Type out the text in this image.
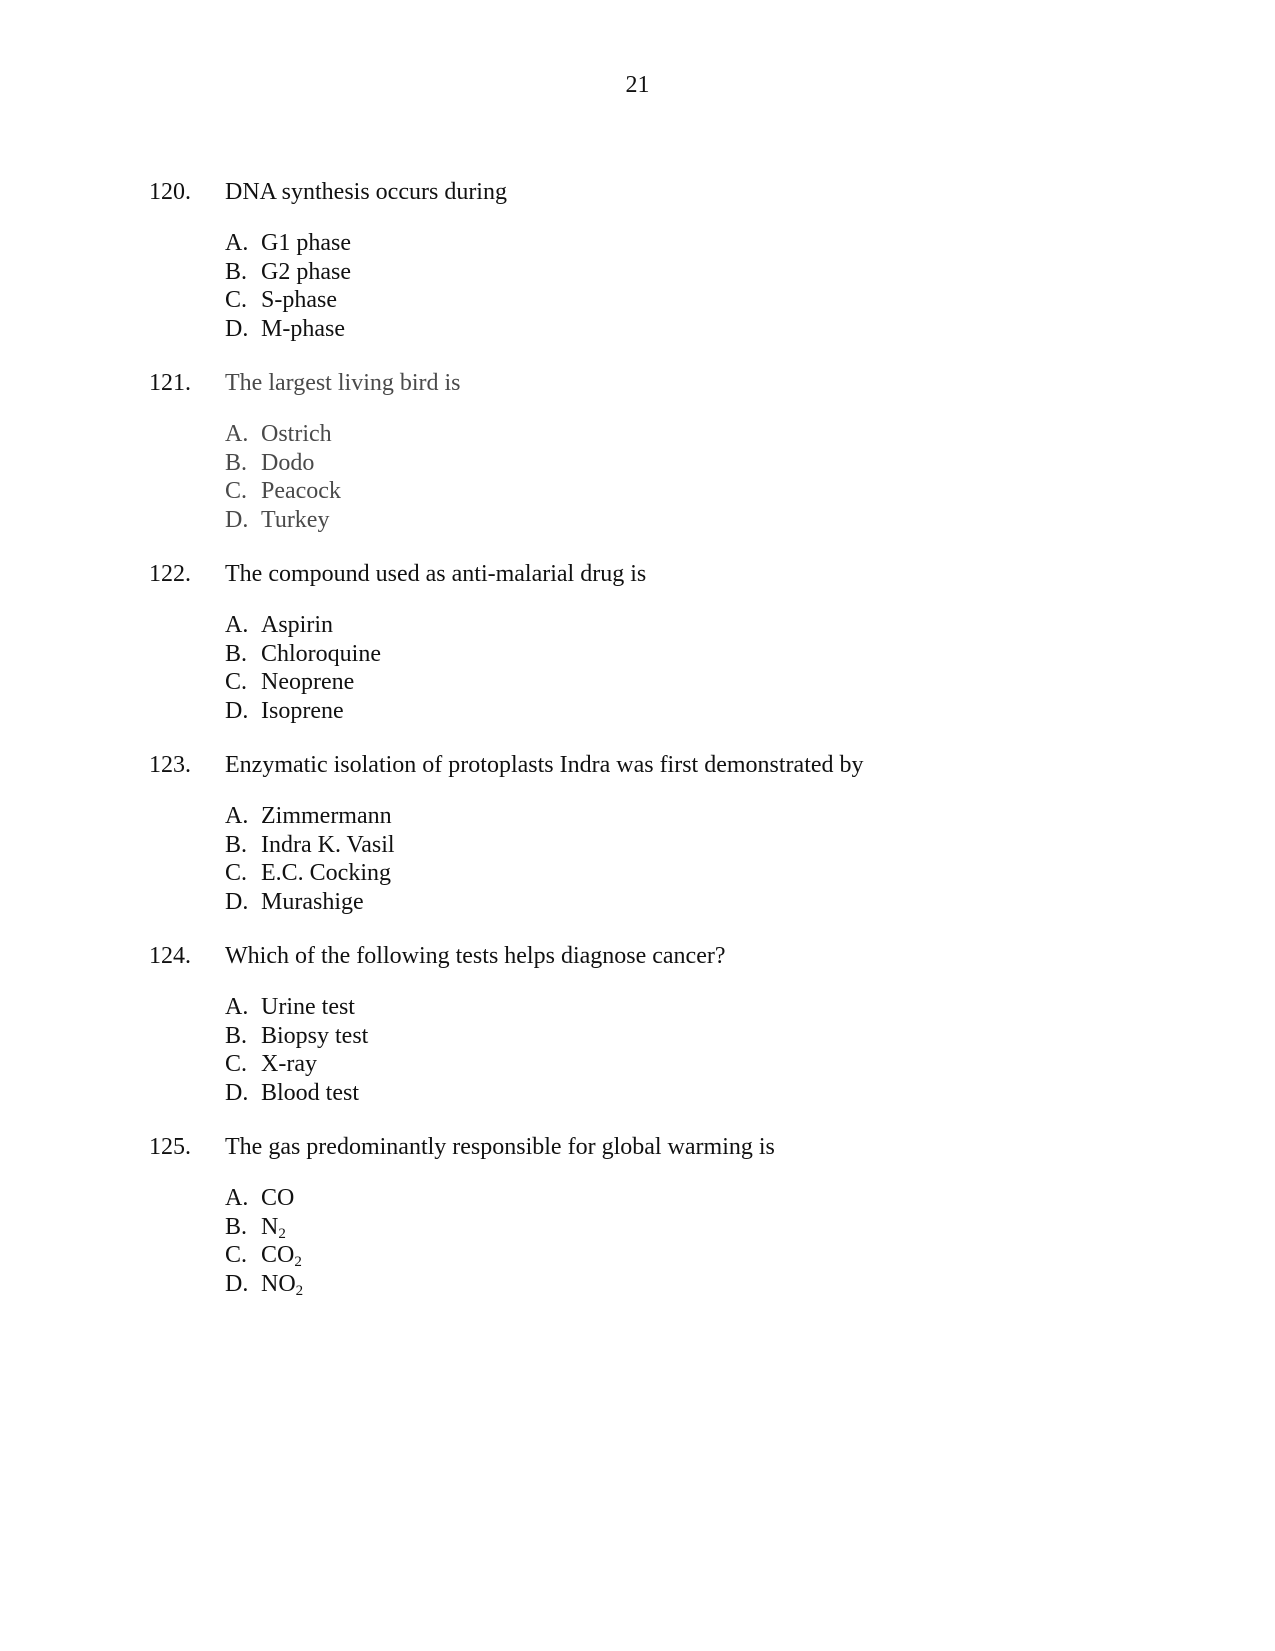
21
120. DNA synthesis occurs during
A. G1 phase
B. G2 phase
C. S-phase
D. M-phase
121. The largest living bird is
A. Ostrich
B. Dodo
C. Peacock
D. Turkey
122. The compound used as anti-malarial drug is
A. Aspirin
B. Chloroquine
C. Neoprene
D. Isoprene
123. Enzymatic isolation of protoplasts Indra was first demonstrated by
A. Zimmermann
B. Indra K. Vasil
C. E.C. Cocking
D. Murashige
124. Which of the following tests helps diagnose cancer?
A. Urine test
B. Biopsy test
C. X-ray
D. Blood test
125. The gas predominantly responsible for global warming is
A. CO
B. $N_2$
C. $CO_2$
D. $NO_2$
